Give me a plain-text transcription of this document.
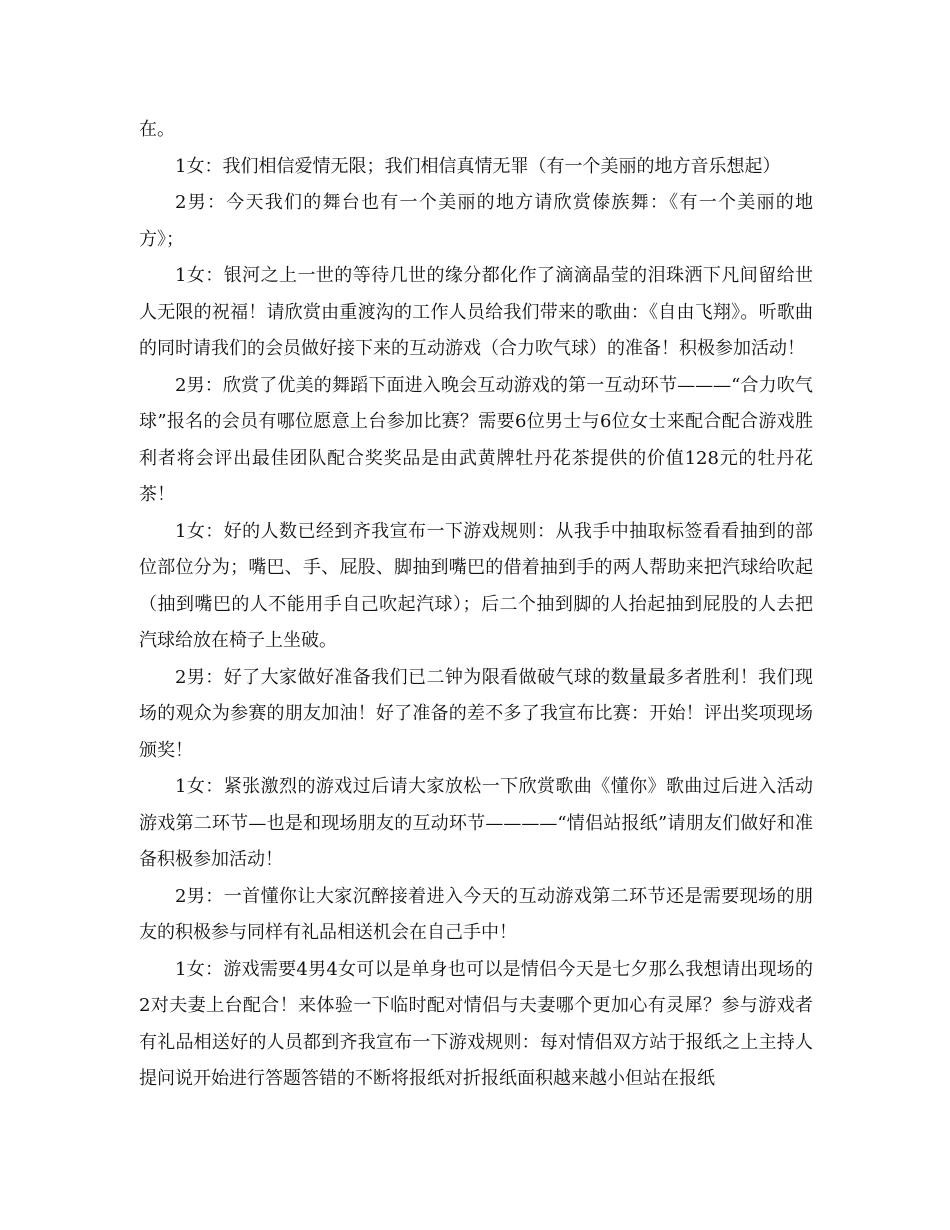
在。

1女：我们相信爱情无限；我们相信真情无罪（有一个美丽的地方音乐想起）

2男：今天我们的舞台也有一个美丽的地方请欣赏傣族舞：《有一个美丽的地方》；

1女：银河之上一世的等待几世的缘分都化作了滴滴晶莹的泪珠洒下凡间留给世人无限的祝福！请欣赏由重渡沟的工作人员给我们带来的歌曲：《自由飞翔》。听歌曲的同时请我们的会员做好接下来的互动游戏（合力吹气球）的准备！积极参加活动！

2男：欣赏了优美的舞蹈下面进入晚会互动游戏的第一互动环节———“合力吹气球”报名的会员有哪位愿意上台参加比赛？需要6位男士与6位女士来配合配合游戏胜利者将会评出最佳团队配合奖奖品是由武黄牌牡丹花茶提供的价值128元的牡丹花茶！

1女：好的人数已经到齐我宣布一下游戏规则：从我手中抽取标签看看抽到的部位部位分为；嘴巴、手、屁股、脚抽到嘴巴的借着抽到手的两人帮助来把汽球给吹起（抽到嘴巴的人不能用手自己吹起汽球）；后二个抽到脚的人抬起抽到屁股的人去把汽球给放在椅子上坐破。

2男：好了大家做好准备我们已二钟为限看做破气球的数量最多者胜利！我们现场的观众为参赛的朋友加油！好了准备的差不多了我宣布比赛：开始！评出奖项现场颁奖！

1女：紧张激烈的游戏过后请大家放松一下欣赏歌曲《懂你》歌曲过后进入活动游戏第二环节—也是和现场朋友的互动环节————“情侣站报纸”请朋友们做好和准备积极参加活动！

2男：一首懂你让大家沉醉接着进入今天的互动游戏第二环节还是需要现场的朋友的积极参与同样有礼品相送机会在自己手中！

1女：游戏需要4男4女可以是单身也可以是情侣今天是七夕那么我想请出现场的2对夫妻上台配合！来体验一下临时配对情侣与夫妻哪个更加心有灵犀？参与游戏者有礼品相送好的人员都到齐我宣布一下游戏规则：每对情侣双方站于报纸之上主持人提问说开始进行答题答错的不断将报纸对折报纸面积越来越小但站在报纸
